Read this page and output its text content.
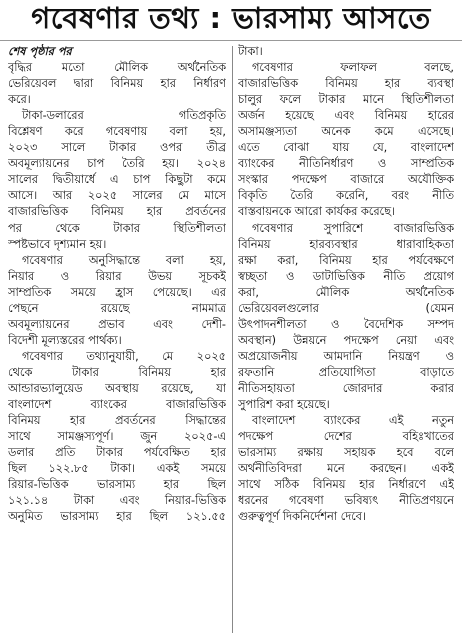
গবেষণার তথ্য : ভারসাম্য আসতে
শেষ পৃষ্ঠার পর
বৃদ্ধির মতো মৌলিক অর্থনৈতিক
ভেরিয়েবল দ্বারা বিনিময় হার নির্ধারণ
করে।
টাকা-ডলারের গতিপ্রকৃতি
বিশ্লেষণ করে গবেষণায় বলা হয়,
২০২৩ সালে টাকার ওপর তীব্র
অবমূল্যায়নের চাপ তৈরি হয়। ২০২৪
সালের দ্বিতীয়ার্ধে এ চাপ কিছুটা কমে
আসে। আর ২০২৫ সালের মে মাসে
বাজারভিত্তিক বিনিময় হার প্রবর্তনের
পর থেকে টাকার স্থিতিশীলতা
স্পষ্টভাবে দৃশ্যমান হয়।
গবেষণার অনুসিদ্ধান্তে বলা হয়,
নিয়ার ও রিয়ার উভয় সূচকই
সাম্প্রতিক সময়ে হ্রাস পেয়েছে। এর
পেছনে রয়েছে নামমাত্র
অবমূল্যায়নের প্রভাব এবং দেশী-
বিদেশী মূল্যস্তরের পার্থক্য।
গবেষণার তথ্যানুযায়ী, মে ২০২৫
থেকে টাকার বিনিময় হার
আন্ডারভ্যালুয়েড অবস্থায় রয়েছে, যা
বাংলাদেশ ব্যাংকের বাজারভিত্তিক
বিনিময় হার প্রবর্তনের সিদ্ধান্তের
সাথে সামঞ্জস্যপূর্ণ। জুন ২০২৫-এ
ডলার প্রতি টাকার পর্যবেক্ষিত হার
ছিল ১২২.৮৫ টাকা। একই সময়ে
রিয়ার-ভিত্তিক ভারসাম্য হার ছিল
১২১.১৪ টাকা এবং নিয়ার-ভিত্তিক
অনুমিত ভারসাম্য হার ছিল ১২১.৫৫
টাকা।
গবেষণার ফলাফল বলছে,
বাজারভিত্তিক বিনিময় হার ব্যবস্থা
চালুর ফলে টাকার মানে স্থিতিশীলতা
অর্জন হয়েছে এবং বিনিময় হারের
অসামঞ্জস্যতা অনেক কমে এসেছে।
এতে বোঝা যায় যে, বাংলাদেশ
ব্যাংকের নীতিনির্ধারণ ও সাম্প্রতিক
সংস্কার পদক্ষেপ বাজারে অযৌক্তিক
বিকৃতি তৈরি করেনি, বরং নীতি
বাস্তবায়নকে আরো কার্যকর করেছে।
গবেষণার সুপারিশে বাজারভিত্তিক
বিনিময় হারব্যবস্থার ধারাবাহিকতা
রক্ষা করা, বিনিময় হার পর্যবেক্ষণে
স্বচ্ছতা ও ডাটাভিত্তিক নীতি প্রয়োগ
করা, মৌলিক অর্থনৈতিক
ভেরিয়েবলগুলোর (যেমন
উৎপাদনশীলতা ও বৈদেশিক সম্পদ
অবস্থান) উন্নয়নে পদক্ষেপ নেয়া এবং
অপ্রয়োজনীয় আমদানি নিয়ন্ত্রণ ও
রফতানি প্রতিযোগিতা বাড়াতে
নীতিসহায়তা জোরদার করার
সুপারিশ করা হয়েছে।
বাংলাদেশ ব্যাংকের এই নতুন
পদক্ষেপ দেশের বহিঃখাতের
ভারসাম্য রক্ষায় সহায়ক হবে বলে
অর্থনীতিবিদরা মনে করছেন। একই
সাথে সঠিক বিনিময় হার নির্ধারণে এই
ধরনের গবেষণা ভবিষ্যৎ নীতিপ্রণয়নে
গুরুত্বপূর্ণ দিকনির্দেশনা দেবে।
